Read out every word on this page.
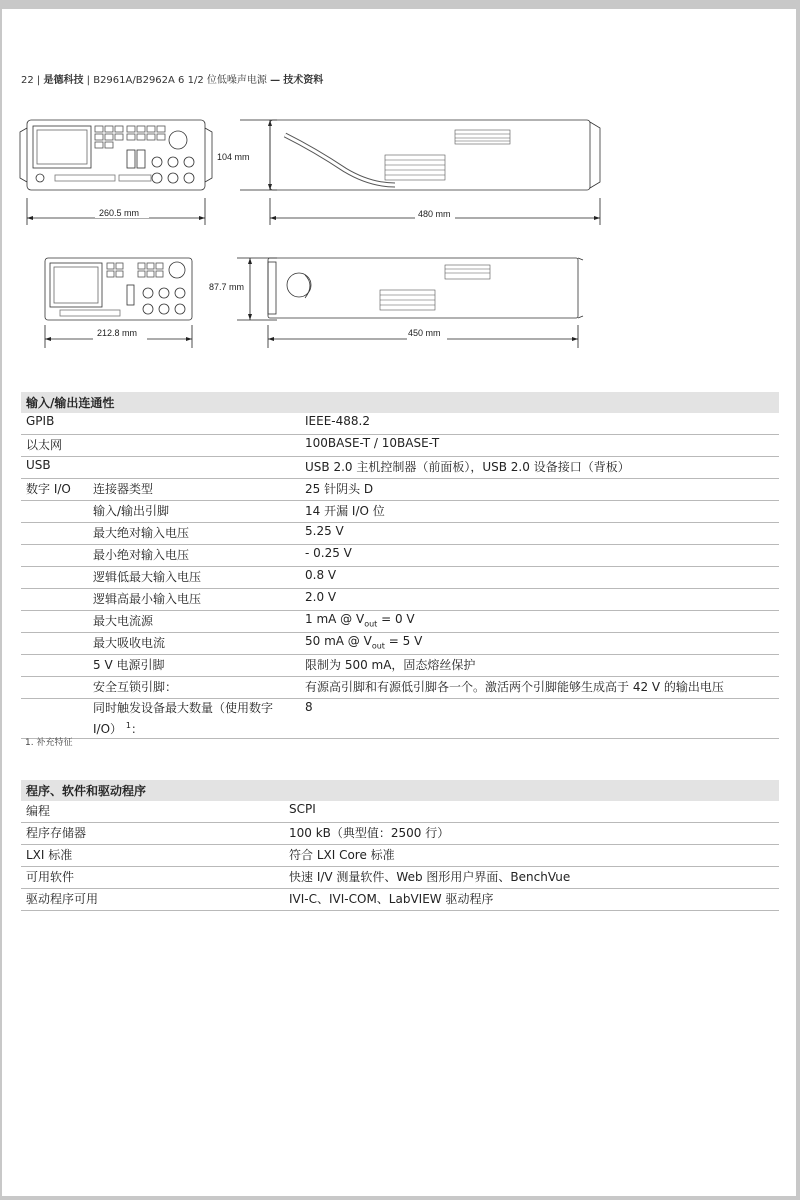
22 | 是德科技 | B2961A/B2962A 6 1/2 位低噪声电源 — 技术资料
260.5 mm
104 mm
480 mm
212.8 mm
87.7 mm
450 mm
输入/输出连通性		
GPIB		IEEE-488.2
以太网		100BASE-T / 10BASE-T
USB		USB 2.0 主机控制器（前面板），USB 2.0 设备接口（背板）
数字 I/O	连接器类型	25 针阴头 D
	输入/输出引脚	14 开漏 I/O 位
	最大绝对输入电压	5.25 V
	最小绝对输入电压	- 0.25 V
	逻辑低最大输入电压	0.8 V
	逻辑高最小输入电压	2.0 V
	最大电流源	1 mA @ $V_{out} = 0$ V
	最大吸收电流	50 mA @ $V_{out} = 5$ V
	5 V 电源引脚	限制为 500 mA，固态熔丝保护
	安全互锁引脚：	有源高引脚和有源低引脚各一个。激活两个引脚能够生成高于 42 V 的输出电压
	同时触发设备最大数量（使用数字 I/O） $^1$：	8
1. 补充特征
程序、软件和驱动程序	
编程	SCPI
程序存储器	100 kB（典型值：2500 行）
LXI 标准	符合 LXI Core 标准
可用软件	快速 I/V 测量软件、Web 图形用户界面、BenchVue
驱动程序可用	IVI-C、IVI-COM、LabVIEW 驱动程序
